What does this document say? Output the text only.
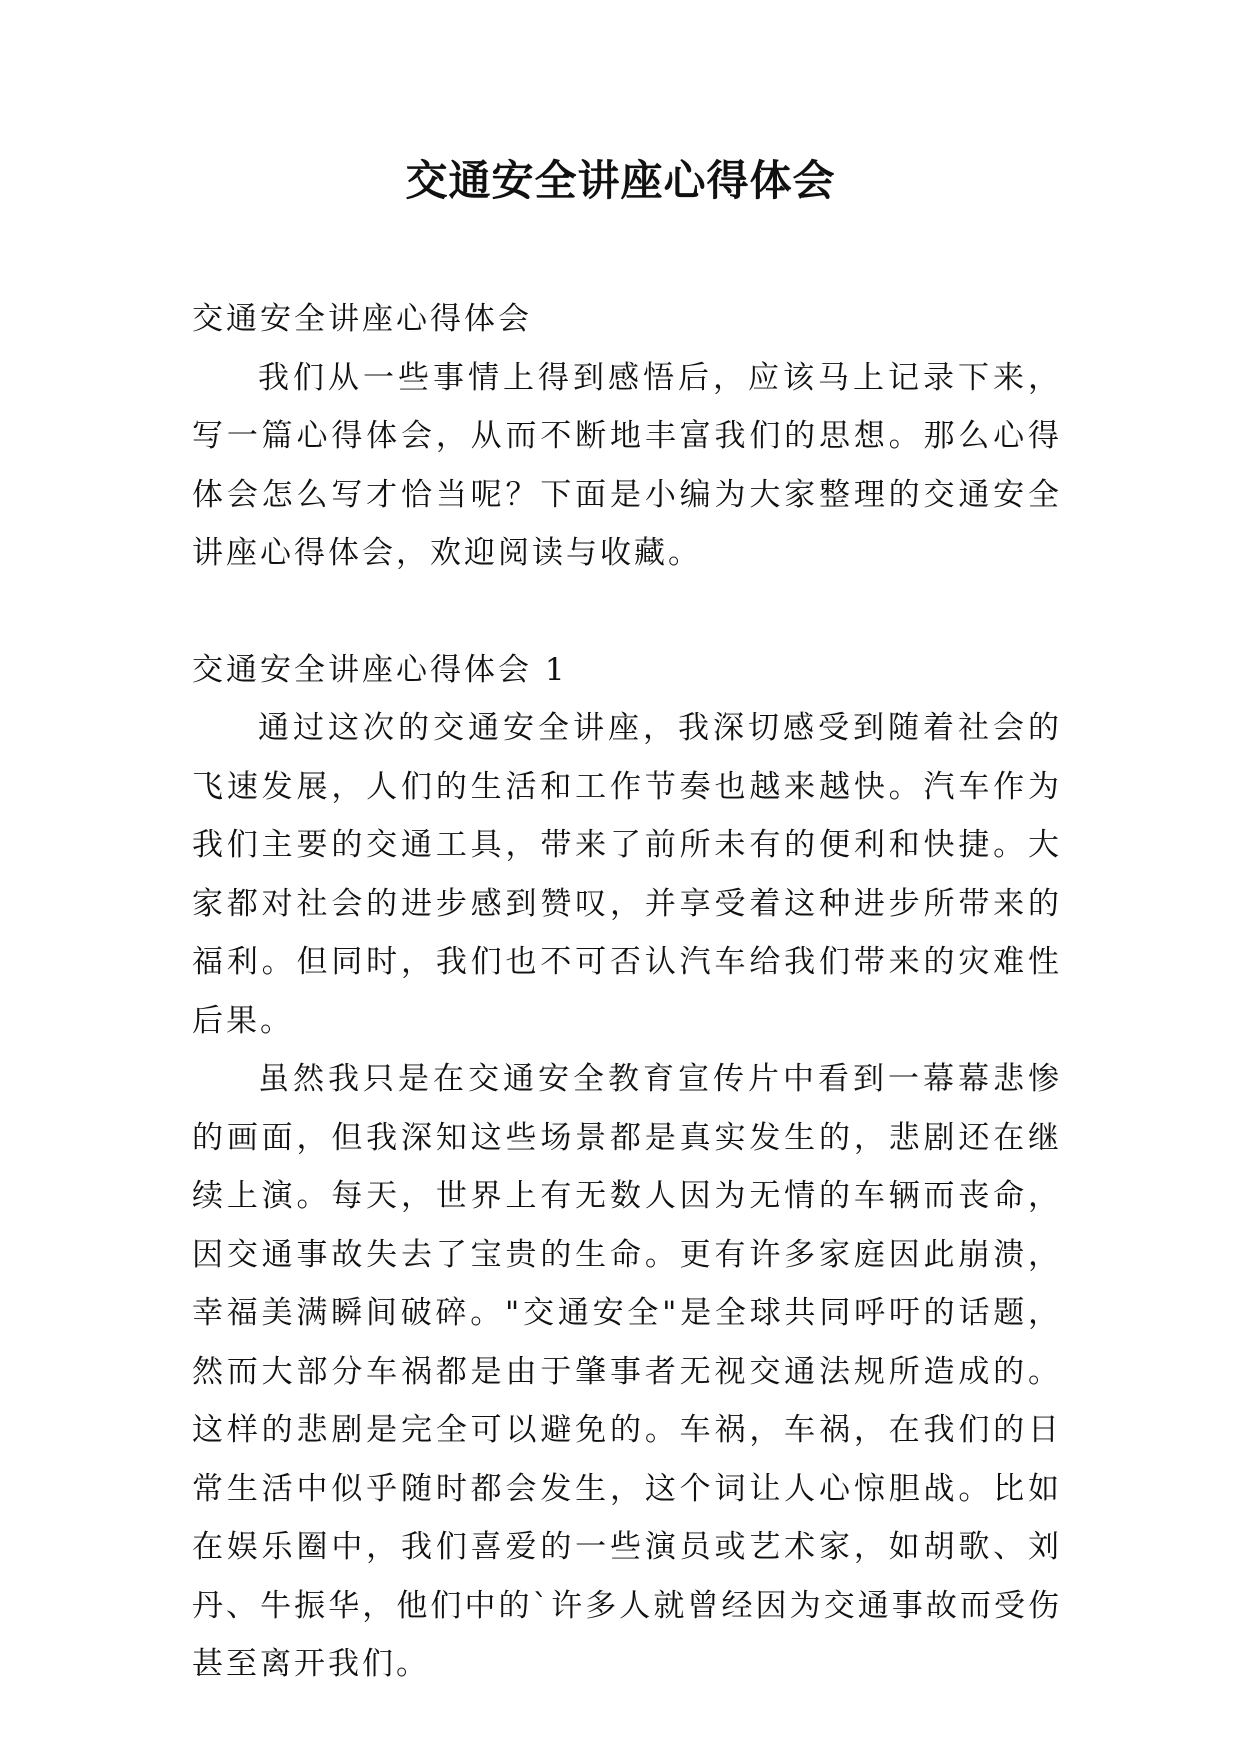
交通安全讲座心得体会

交通安全讲座心得体会

我们从一些事情上得到感悟后，应该马上记录下来，写一篇心得体会，从而不断地丰富我们的思想。那么心得体会怎么写才恰当呢？下面是小编为大家整理的交通安全讲座心得体会，欢迎阅读与收藏。

交通安全讲座心得体会 1

通过这次的交通安全讲座，我深切感受到随着社会的飞速发展，人们的生活和工作节奏也越来越快。汽车作为我们主要的交通工具，带来了前所未有的便利和快捷。大家都对社会的进步感到赞叹，并享受着这种进步所带来的福利。但同时，我们也不可否认汽车给我们带来的灾难性后果。

虽然我只是在交通安全教育宣传片中看到一幕幕悲惨的画面，但我深知这些场景都是真实发生的，悲剧还在继续上演。每天，世界上有无数人因为无情的车辆而丧命，因交通事故失去了宝贵的生命。更有许多家庭因此崩溃，幸福美满瞬间破碎。"交通安全"是全球共同呼吁的话题，然而大部分车祸都是由于肇事者无视交通法规所造成的。这样的悲剧是完全可以避免的。车祸，车祸，在我们的日常生活中似乎随时都会发生，这个词让人心惊胆战。比如在娱乐圈中，我们喜爱的一些演员或艺术家，如胡歌、刘丹、牛振华，他们中的`许多人就曾经因为交通事故而受伤甚至离开我们。
